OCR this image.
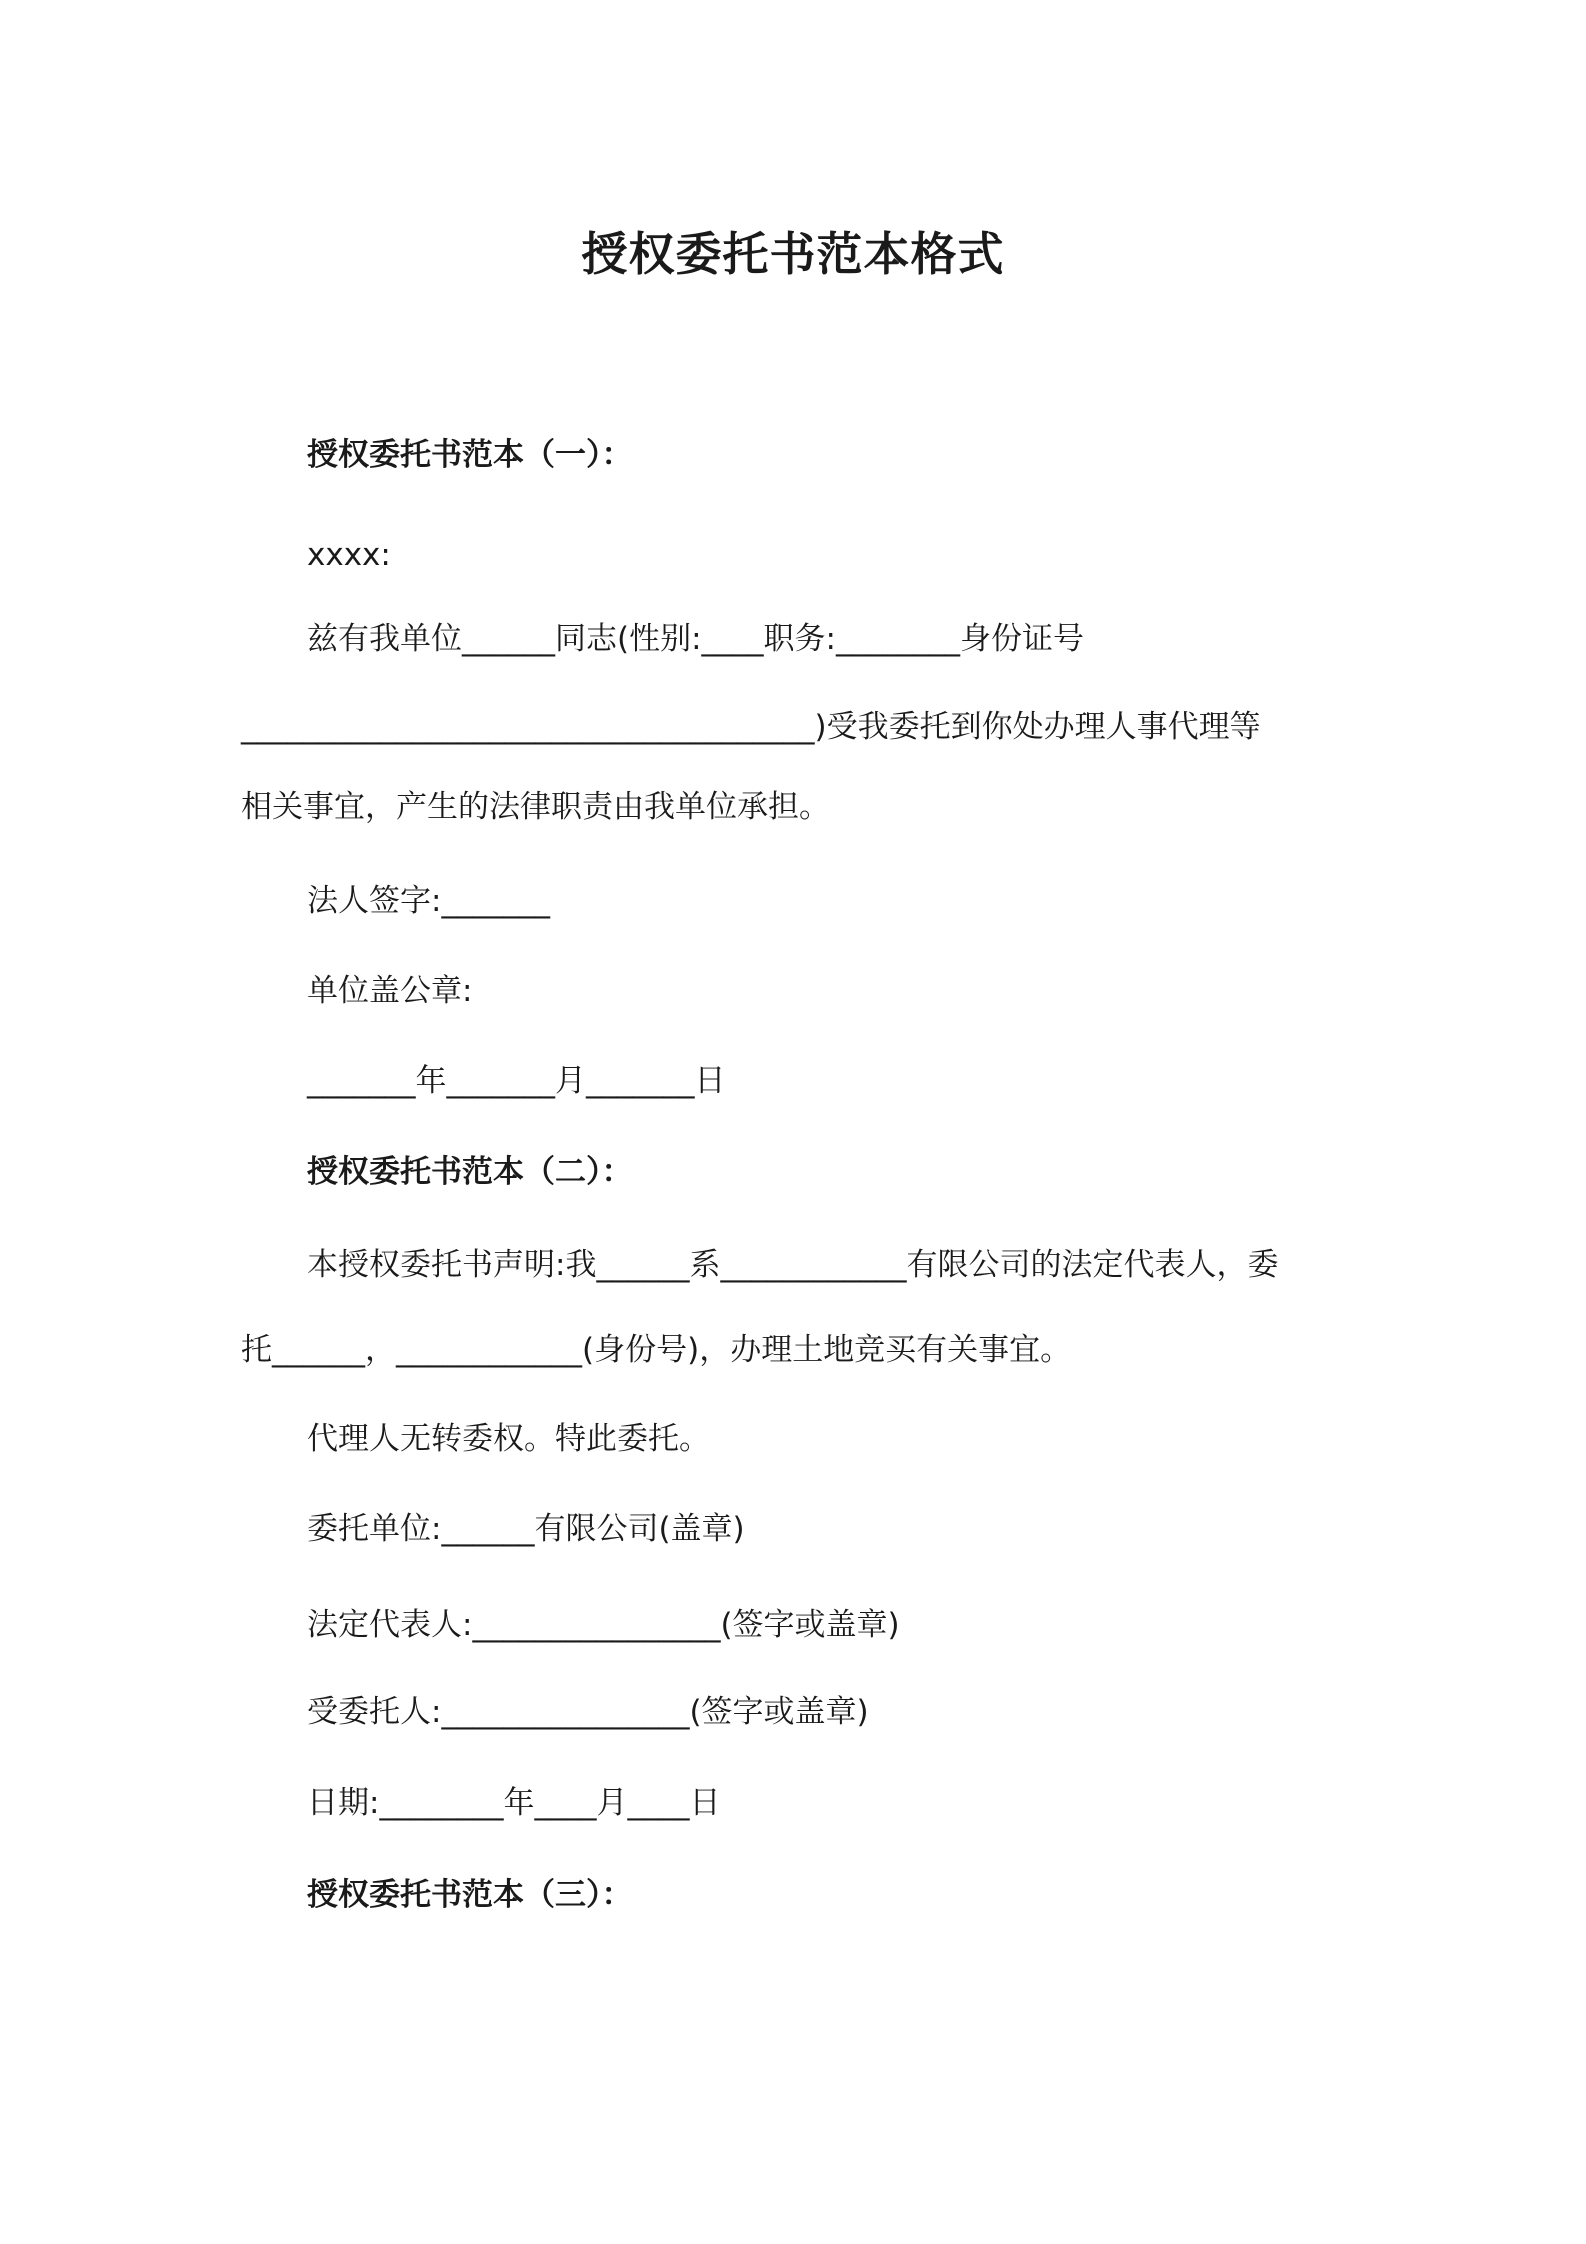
授权委托书范本格式
授权委托书范本（一）：
xxxx:
兹有我单位______同志(性别:____职务:________身份证号
_____________________________________)受我委托到你处办理人事代理等
相关事宜，产生的法律职责由我单位承担。
法人签字:_______
单位盖公章:
_______年_______月_______日
授权委托书范本（二）：
本授权委托书声明:我______系____________有限公司的法定代表人，委
托______，____________(身份号)，办理土地竞买有关事宜。
代理人无转委权。特此委托。
委托单位:______有限公司(盖章)
法定代表人:________________(签字或盖章)
受委托人:________________(签字或盖章)
日期:________年____月____日
授权委托书范本（三）：
